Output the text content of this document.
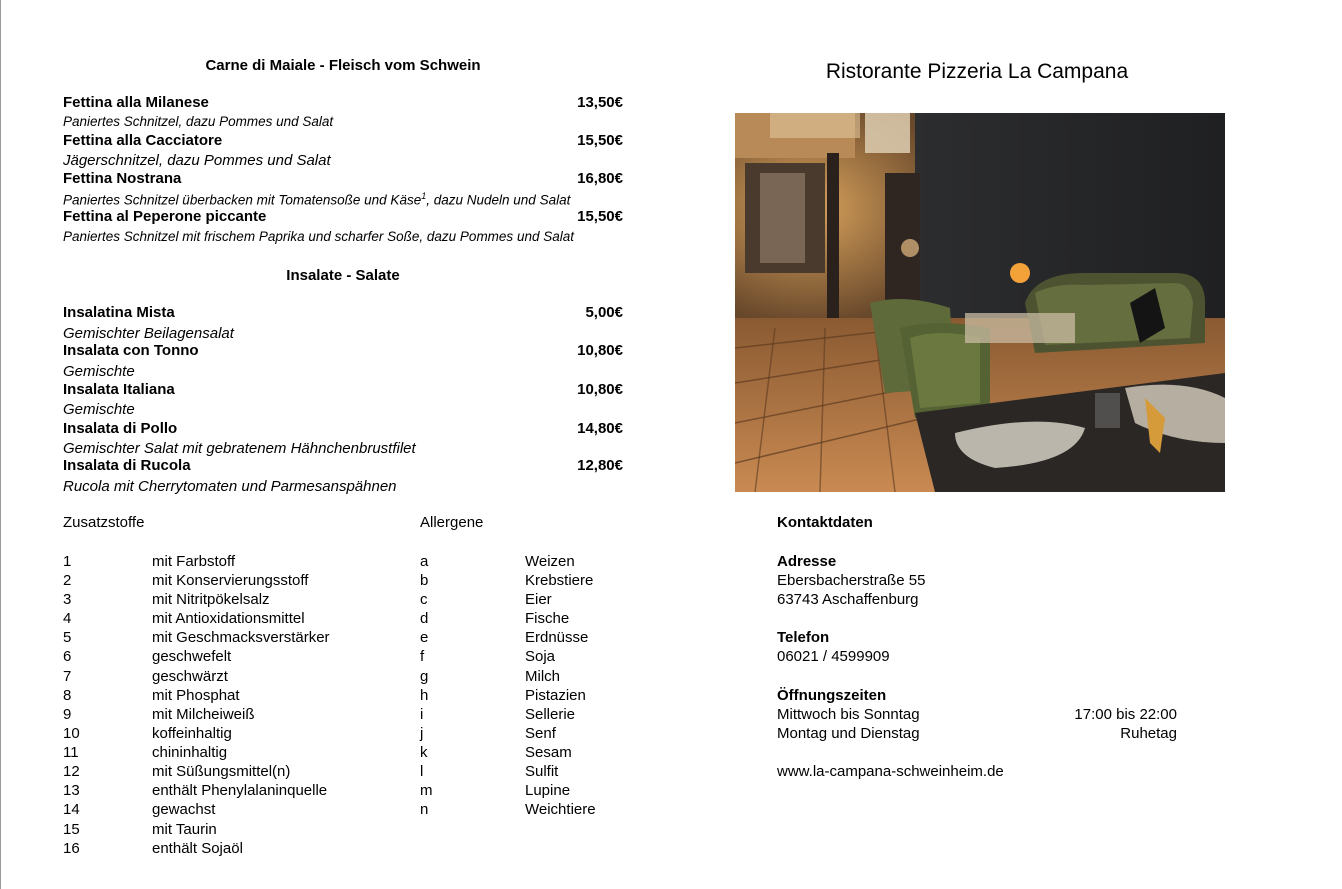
Carne di Maiale - Fleisch vom Schwein
Fettina alla Milanese	13,50€
Paniertes Schnitzel, dazu Pommes und Salat
Fettina alla Cacciatore	15,50€
Jägerschnitzel, dazu Pommes und Salat
Fettina Nostrana	16,80€
Paniertes Schnitzel überbacken mit Tomatensoße und Käse$^1$, dazu Nudeln und Salat
Fettina al Peperone piccante	15,50€
Paniertes Schnitzel mit frischem Paprika und scharfer Soße, dazu Pommes und Salat
Insalate - Salate
Insalatina Mista	5,00€
Gemischter Beilagensalat
Insalata con Tonno	10,80€
Gemischte
Insalata Italiana	10,80€
Gemischte
Insalata di Pollo	14,80€
Gemischter Salat mit gebratenem Hähnchenbrustfilet
Insalata di Rucola	12,80€
Rucola mit Cherrytomaten und Parmesanspähnen
Zusatzstoffe	Allergene
1	mit Farbstoff	a	Weizen
2	mit Konservierungsstoff	b	Krebstiere
3	mit Nitritpökelsalz	c	Eier
4	mit Antioxidationsmittel	d	Fische
5	mit Geschmacksverstärker	e	Erdnüsse
6	geschwefelt	f	Soja
7	geschwärzt	g	Milch
8	mit Phosphat	h	Pistazien
9	mit Milcheiweiß	i	Sellerie
10	koffeinhaltig	j	Senf
11	chininhaltig	k	Sesam
12	mit Süßungsmittel(n)	l	Sulfit
13	enthält Phenylalaninquelle	m	Lupine
14	gewachst	n	Weichtiere
15	mit Taurin
16	enthält Sojaöl
Ristorante Pizzeria La Campana
Kontaktdaten
Adresse
Ebersbacherstraße 55
63743 Aschaffenburg
Telefon
06021 / 4599909
Öffnungszeiten
Mittwoch bis Sonntag	17:00 bis 22:00
Montag und Dienstag	Ruhetag
www.la-campana-schweinheim.de
